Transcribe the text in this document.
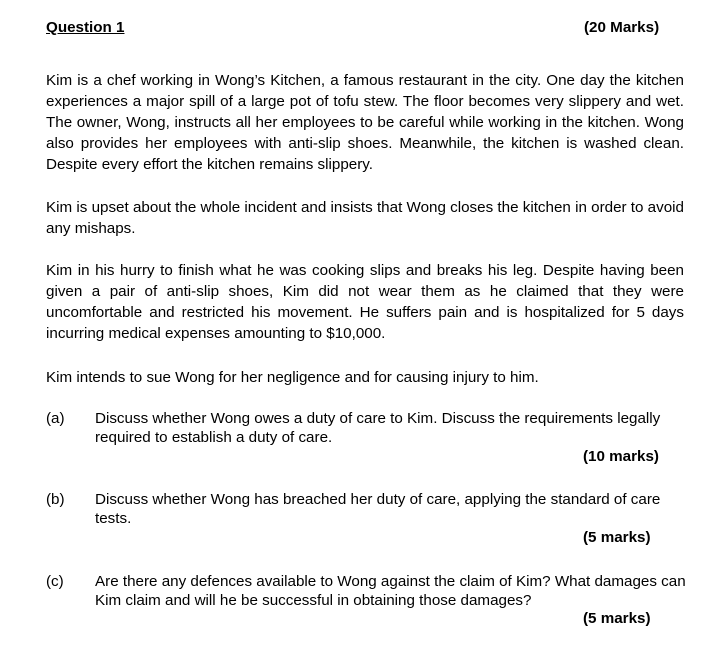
Question 1	(20 Marks)

Kim is a chef working in Wong’s Kitchen, a famous restaurant in the city. One day the kitchen experiences a major spill of a large pot of tofu stew. The floor becomes very slippery and wet. The owner, Wong, instructs all her employees to be careful while working in the kitchen. Wong also provides her employees with anti-slip shoes. Meanwhile, the kitchen is washed clean. Despite every effort the kitchen remains slippery.

Kim is upset about the whole incident and insists that Wong closes the kitchen in order to avoid any mishaps.

Kim in his hurry to finish what he was cooking slips and breaks his leg. Despite having been given a pair of anti-slip shoes, Kim did not wear them as he claimed that they were uncomfortable and restricted his movement. He suffers pain and is hospitalized for 5 days incurring medical expenses amounting to $10,000.

Kim intends to sue Wong for her negligence and for causing injury to him.

(a) Discuss whether Wong owes a duty of care to Kim. Discuss the requirements legally required to establish a duty of care.

(10 marks)
(b) Discuss whether Wong has breached her duty of care, applying the standard of care tests.

(5 marks)
(c) Are there any defences available to Wong against the claim of Kim? What damages can Kim claim and will he be successful in obtaining those damages?

(5 marks)
